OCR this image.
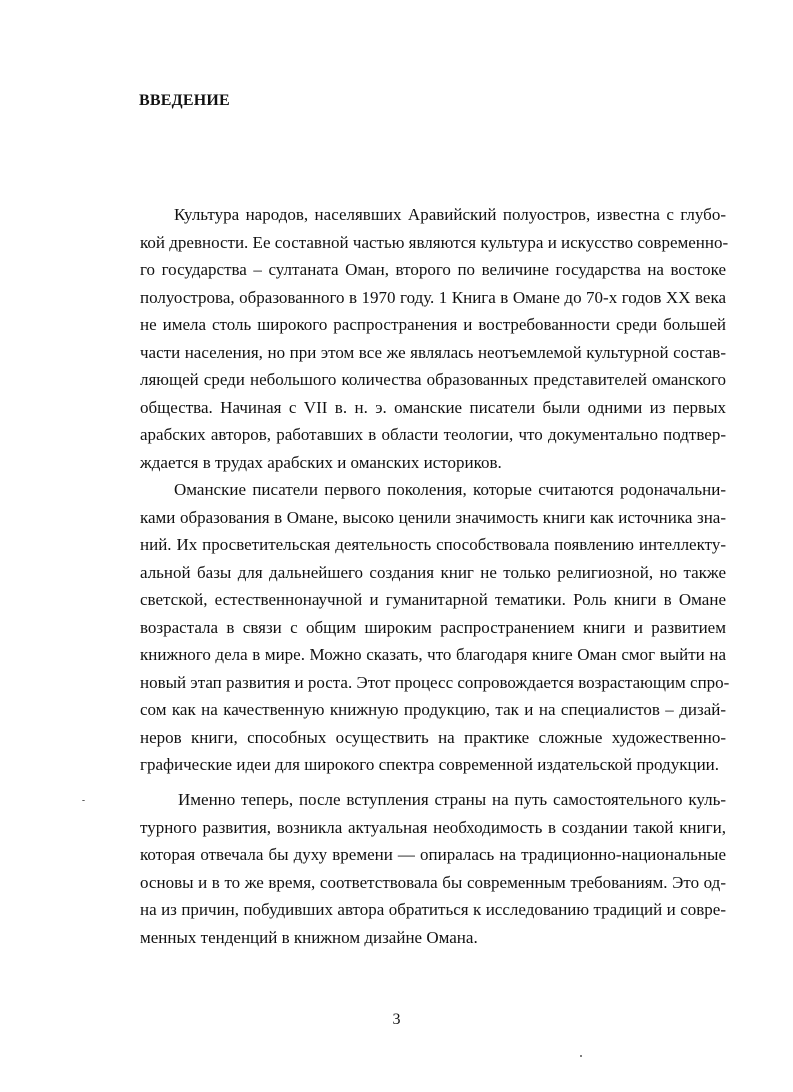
ВВЕДЕНИЕ
Культура народов, населявших Аравийский полуостров, известна с глубо-
кой древности. Ее составной частью являются культура и искусство современно-
го государства – султаната Оман, второго по величине государства на востоке
полуострова, образованного в 1970 году. 1 Книга в Омане до 70-х годов XX века
не имела столь широкого распространения и востребованности среди большей
части населения, но при этом все же являлась неотъемлемой культурной состав-
ляющей среди небольшого количества образованных представителей оманского
общества. Начиная с VII в. н. э. оманские писатели были одними из первых
арабских авторов, работавших в области теологии, что документально подтвер-
ждается в трудах арабских и оманских историков.
Оманские писатели первого поколения, которые считаются родоначальни-
ками образования в Омане, высоко ценили значимость книги как источника зна-
ний. Их просветительская деятельность способствовала появлению интеллекту-
альной базы для дальнейшего создания книг не только религиозной, но также
светской, естественнонаучной и гуманитарной тематики. Роль книги в Омане
возрастала в связи с общим широким распространением книги и развитием
книжного дела в мире. Можно сказать, что благодаря книге Оман смог выйти на
новый этап развития и роста. Этот процесс сопровождается возрастающим спро-
сом как на качественную книжную продукцию, так и на специалистов – дизай-
неров книги, способных осуществить на практике сложные художественно-
графические идеи для широкого спектра современной издательской продукции.
Именно теперь, после вступления страны на путь самостоятельного куль-
турного развития, возникла актуальная необходимость в создании такой книги,
которая отвечала бы духу времени — опиралась на традиционно-национальные
основы и в то же время, соответствовала бы современным требованиям. Это од-
на из причин, побудивших автора обратиться к исследованию традиций и совре-
менных тенденций в книжном дизайне Омана.
3
